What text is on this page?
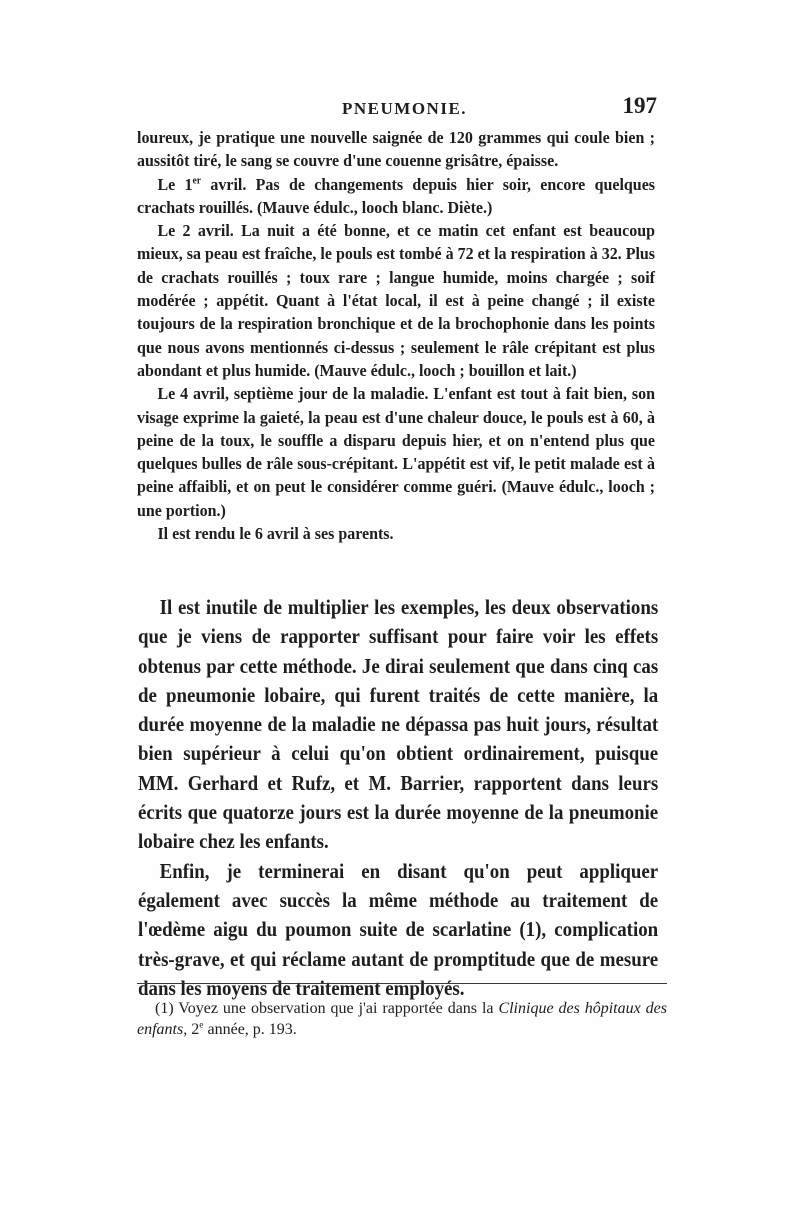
PNEUMONIE.	197

loureux, je pratique une nouvelle saignée de 120 grammes qui coule bien ; aussitôt tiré, le sang se couvre d'une couenne grisâtre, épaisse.

Le 1er avril. Pas de changements depuis hier soir, encore quelques crachats rouillés. (Mauve édulc., looch blanc. Diète.)

Le 2 avril. La nuit a été bonne, et ce matin cet enfant est beaucoup mieux, sa peau est fraîche, le pouls est tombé à 72 et la respiration à 32. Plus de crachats rouillés ; toux rare ; langue humide, moins chargée ; soif modérée ; appétit. Quant à l'état local, il est à peine changé ; il existe toujours de la respiration bronchique et de la brochophonie dans les points que nous avons mentionnés ci-dessus ; seulement le râle crépitant est plus abondant et plus humide. (Mauve édulc., looch ; bouillon et lait.)

Le 4 avril, septième jour de la maladie. L'enfant est tout à fait bien, son visage exprime la gaieté, la peau est d'une chaleur douce, le pouls est à 60, à peine de la toux, le souffle a disparu depuis hier, et on n'entend plus que quelques bulles de râle sous-crépitant. L'appétit est vif, le petit malade est à peine affaibli, et on peut le considérer comme guéri. (Mauve édulc., looch ; une portion.)

Il est rendu le 6 avril à ses parents.

Il est inutile de multiplier les exemples, les deux observations que je viens de rapporter suffisant pour faire voir les effets obtenus par cette méthode. Je dirai seulement que dans cinq cas de pneumonie lobaire, qui furent traités de cette manière, la durée moyenne de la maladie ne dépassa pas huit jours, résultat bien supérieur à celui qu'on obtient ordinairement, puisque MM. Gerhard et Rufz, et M. Barrier, rapportent dans leurs écrits que quatorze jours est la durée moyenne de la pneumonie lobaire chez les enfants.

Enfin, je terminerai en disant qu'on peut appliquer également avec succès la même méthode au traitement de l'œdème aigu du poumon suite de scarlatine (1), complication très-grave, et qui réclame autant de promptitude que de mesure dans les moyens de traitement employés.

(1) Voyez une observation que j'ai rapportée dans la Clinique des hôpitaux des enfants, 2e année, p. 193.
